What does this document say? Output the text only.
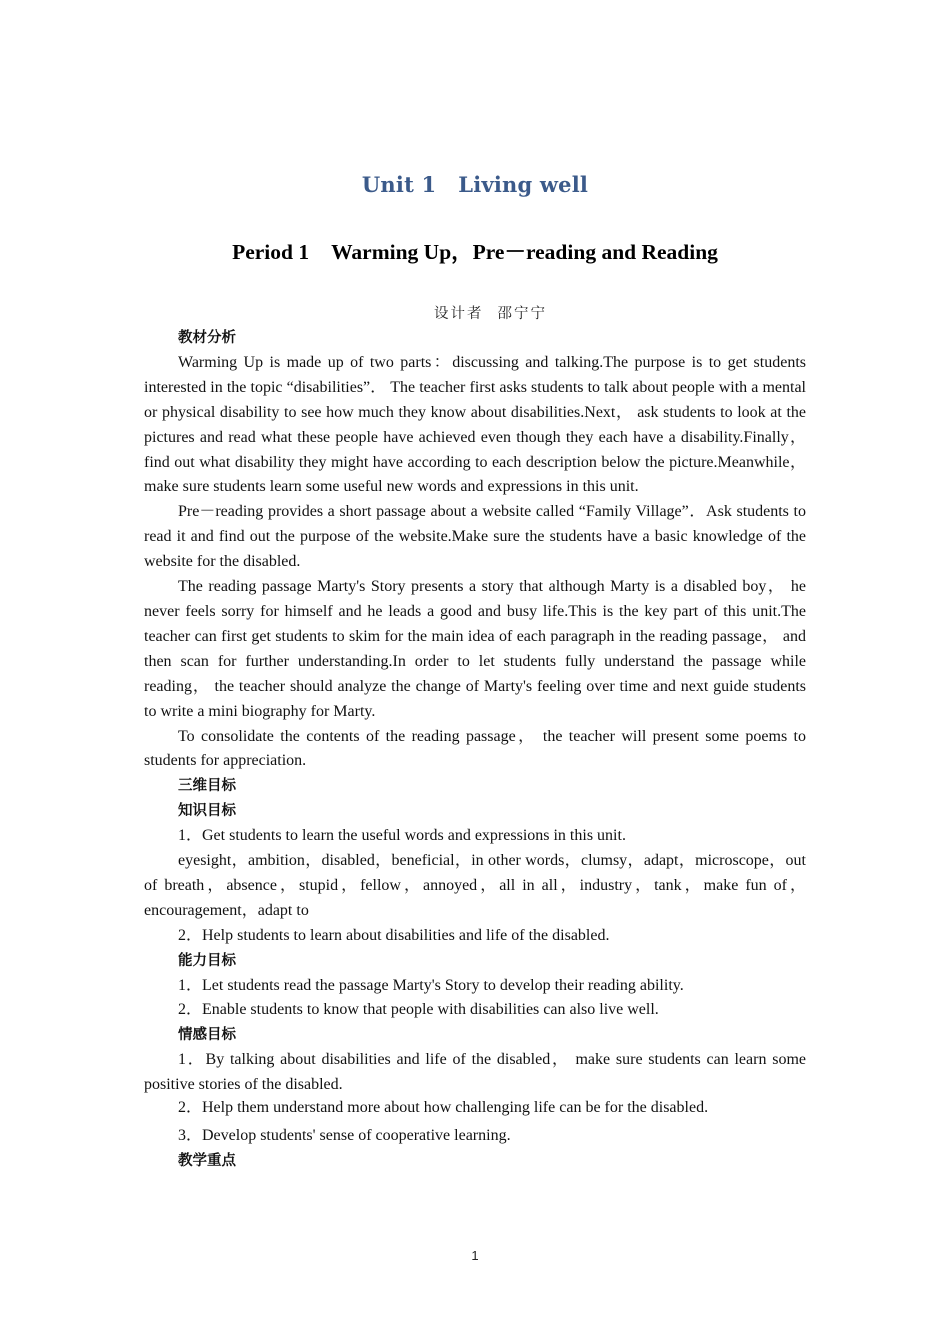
Unit 1 Living well
Period 1 Warming Up，Pre－reading and Reading
设计者 邵宁宁

教材分析

Warming Up is made up of two parts：discussing and talking.The purpose is to get students interested in the topic “disabilities”． The teacher first asks students to talk about people with a mental or physical disability to see how much they know about disabilities.Next， ask students to look at the pictures and read what these people have achieved even though they each have a disability.Finally， find out what disability they might have according to each description below the picture.Meanwhile， make sure students learn some useful new words and expressions in this unit.

Pre－reading provides a short passage about a website called “Family Village”．Ask students to read it and find out the purpose of the website.Make sure the students have a basic knowledge of the website for the disabled.

The reading passage Marty's Story presents a story that although Marty is a disabled boy， he never feels sorry for himself and he leads a good and busy life.This is the key part of this unit.The teacher can first get students to skim for the main idea of each paragraph in the reading passage， and then scan for further understanding.In order to let students fully understand the passage while reading， the teacher should analyze the change of Marty's feeling over time and next guide students to write a mini biography for Marty.

To consolidate the contents of the reading passage， the teacher will present some poems to students for appreciation.

三维目标

知识目标

1．Get students to learn the useful words and expressions in this unit.

eyesight，ambition，disabled，beneficial，in other words，clumsy，adapt，microscope，out of breath，absence，stupid，fellow，annoyed，all in all，industry，tank，make fun of，encouragement，adapt to

2．Help students to learn about disabilities and life of the disabled.

能力目标

1．Let students read the passage Marty's Story to develop their reading ability.

2．Enable students to know that people with disabilities can also live well.

情感目标

1．By talking about disabilities and life of the disabled， make sure students can learn some positive stories of the disabled.

2．Help them understand more about how challenging life can be for the disabled.

3．Develop students' sense of cooperative learning.

教学重点

1
